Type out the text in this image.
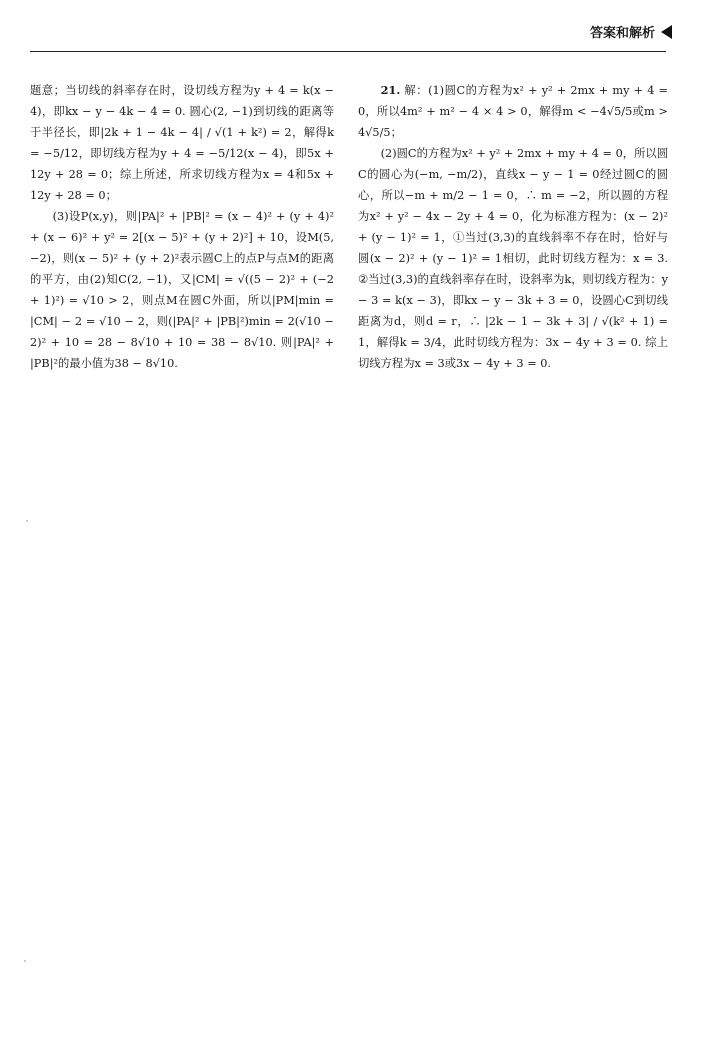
答案和解析

题意；当切线的斜率存在时，设切线方程为y + 4 = k(x − 4)，即kx − y − 4k − 4 = 0. 圆心(2, −1)到切线的距离等于半径长，即|2k + 1 − 4k − 4| / √(1 + k²) = 2，解得k = −5/12，即切线方程为y + 4 = −5/12(x − 4)，即5x + 12y + 28 = 0；综上所述，所求切线方程为x = 4和5x + 12y + 28 = 0；

(3)设P(x,y)，则|PA|² + |PB|² = (x − 4)² + (y + 4)² + (x − 6)² + y² = 2[(x − 5)² + (y + 2)²] + 10，设M(5, −2)，则(x − 5)² + (y + 2)²表示圆C上的点P与点M的距离的平方，由(2)知C(2, −1)，又|CM| = √((5 − 2)² + (−2 + 1)²) = √10 > 2，则点M在圆C外面，所以|PM|min = |CM| − 2 = √10 − 2，则(|PA|² + |PB|²)min = 2(√10 − 2)² + 10 = 28 − 8√10 + 10 = 38 − 8√10. 则|PA|² + |PB|²的最小值为38 − 8√10.

21. 解：(1)圆C的方程为x² + y² + 2mx + my + 4 = 0，所以4m² + m² − 4 × 4 > 0，解得m < −4√5/5或m > 4√5/5；

(2)圆C的方程为x² + y² + 2mx + my + 4 = 0，所以圆C的圆心为(−m, −m/2)，直线x − y − 1 = 0经过圆C的圆心，所以−m + m/2 − 1 = 0，∴ m = −2，所以圆的方程为x² + y² − 4x − 2y + 4 = 0，化为标准方程为：(x − 2)² + (y − 1)² = 1，①当过(3,3)的直线斜率不存在时，恰好与圆(x − 2)² + (y − 1)² = 1相切，此时切线方程为：x = 3. ②当过(3,3)的直线斜率存在时，设斜率为k，则切线方程为：y − 3 = k(x − 3)，即kx − y − 3k + 3 = 0，设圆心C到切线距离为d，则d = r，∴ |2k − 1 − 3k + 3| / √(k² + 1) = 1，解得k = 3/4，此时切线方程为：3x − 4y + 3 = 0. 综上切线方程为x = 3或3x − 4y + 3 = 0.
